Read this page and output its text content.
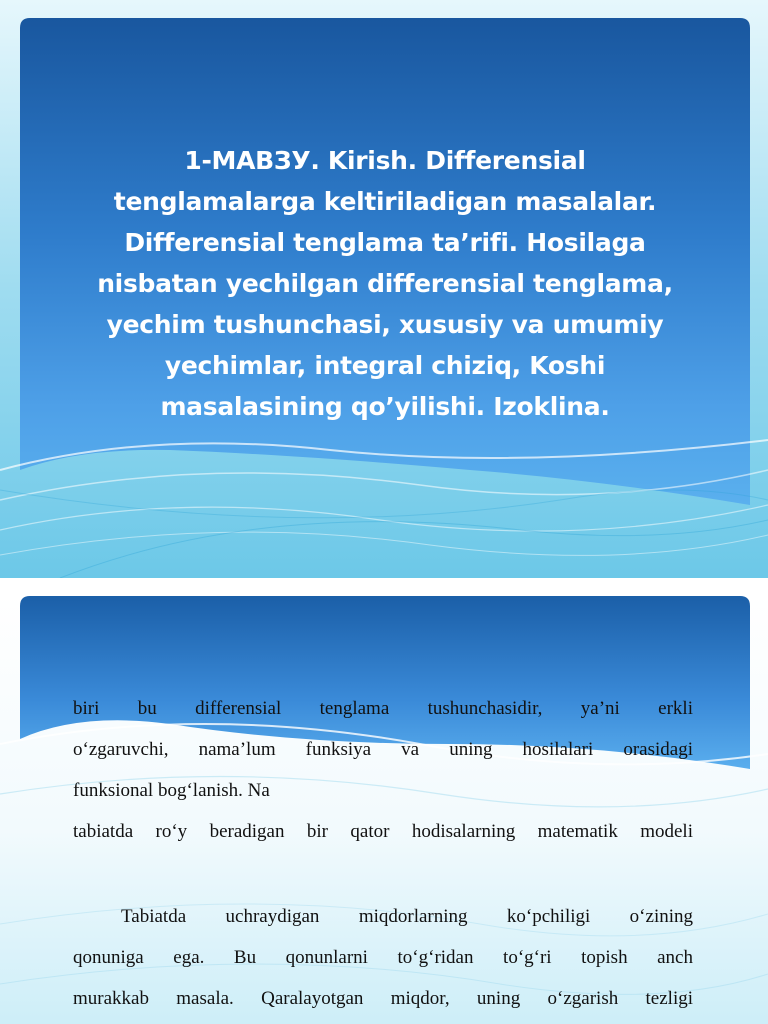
1-МАВЗУ. Kirish. Differensial
tenglamalarga keltiriladigan masalalar.
Differensial tenglama ta’rifi. Hosilaga
nisbatan yechilgan differensial tenglama,
yechim tushunchasi, xususiy va umumiy
yechimlar, integral chiziq, Koshi
masalasining qo’yilishi. Izoklina.
biri bu differensial tenglama tushunchasidir, ya’ni erkli
o‘zgaruvchi, nama’lum funksiya va uning hosilalari orasidagi
funksional bog‘lanish. Na
tabiatda ro‘y beradigan bir qator hodisalarning matematik modeli
Tabiatda uchraydigan miqdorlarning ko‘pchiligi o‘zining
qonuniga ega. Bu qonunlarni to‘g‘ridan to‘g‘ri topish anch
murakkab masala. Qaralayotgan miqdor, uning o‘zgarish tezligi
